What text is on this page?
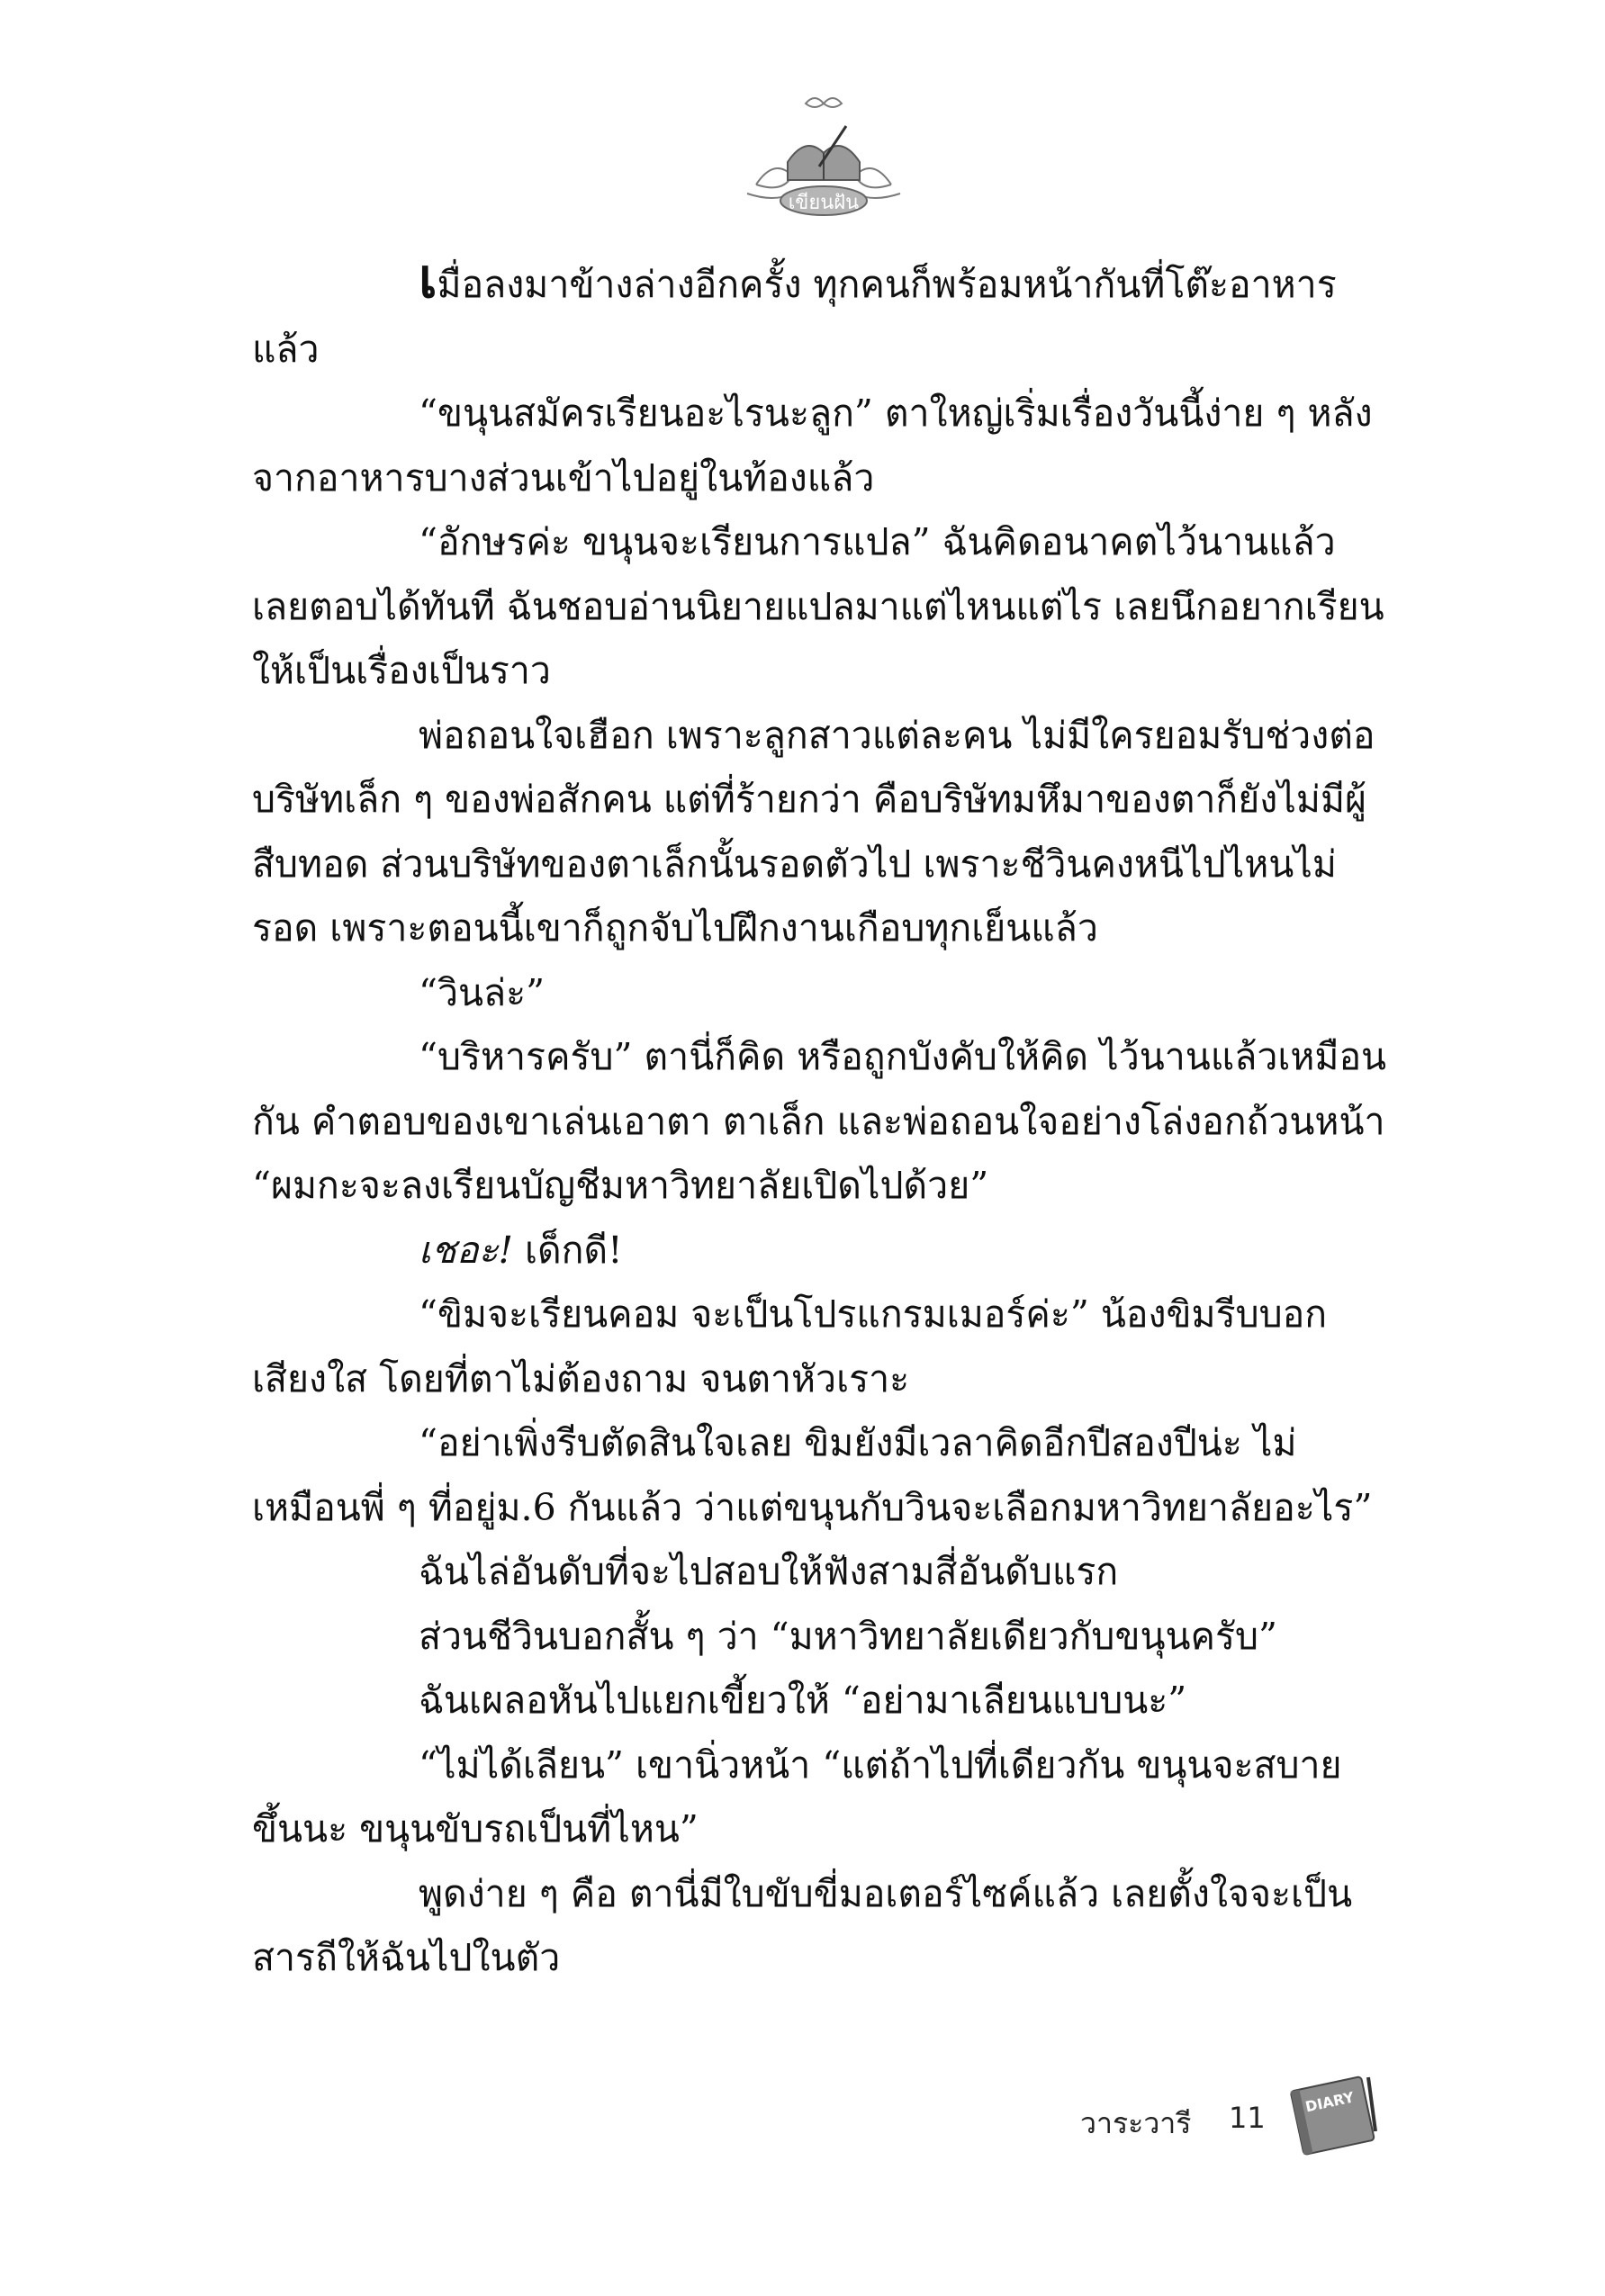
เขียนฝัน

เมื่อลงมาข้างล่างอีกครั้ง ทุกคนก็พร้อมหน้ากันที่โต๊ะอาหารแล้ว

“ขนุนสมัครเรียนอะไรนะลูก” ตาใหญ่เริ่มเรื่องวันนี้ง่าย ๆ หลังจากอาหารบางส่วนเข้าไปอยู่ในท้องแล้ว

“อักษรค่ะ ขนุนจะเรียนการแปล” ฉันคิดอนาคตไว้นานแล้ว เลยตอบได้ทันที ฉันชอบอ่านนิยายแปลมาแต่ไหนแต่ไร เลยนึกอยากเรียนให้เป็นเรื่องเป็นราว

พ่อถอนใจเฮือก เพราะลูกสาวแต่ละคน ไม่มีใครยอมรับช่วงต่อบริษัทเล็ก ๆ ของพ่อสักคน แต่ที่ร้ายกว่า คือบริษัทมหึมาของตาก็ยังไม่มีผู้สืบทอด ส่วนบริษัทของตาเล็กนั้นรอดตัวไป เพราะชีวินคงหนีไปไหนไม่รอด เพราะตอนนี้เขาก็ถูกจับไปฝึกงานเกือบทุกเย็นแล้ว

“วินล่ะ”

“บริหารครับ” ตานี่ก็คิด หรือถูกบังคับให้คิด ไว้นานแล้วเหมือนกัน คำตอบของเขาเล่นเอาตา ตาเล็ก และพ่อถอนใจอย่างโล่งอกถ้วนหน้า “ผมกะจะลงเรียนบัญชีมหาวิทยาลัยเปิดไปด้วย”

เชอะ! เด็กดี!

“ขิมจะเรียนคอม จะเป็นโปรแกรมเมอร์ค่ะ” น้องขิมรีบบอกเสียงใส โดยที่ตาไม่ต้องถาม จนตาหัวเราะ

“อย่าเพิ่งรีบตัดสินใจเลย ขิมยังมีเวลาคิดอีกปีสองปีน่ะ ไม่เหมือนพี่ ๆ ที่อยู่ม.6 กันแล้ว ว่าแต่ขนุนกับวินจะเลือกมหาวิทยาลัยอะไร”

ฉันไล่อันดับที่จะไปสอบให้ฟังสามสี่อันดับแรก

ส่วนชีวินบอกสั้น ๆ ว่า “มหาวิทยาลัยเดียวกับขนุนครับ”

ฉันเผลอหันไปแยกเขี้ยวให้ “อย่ามาเลียนแบบนะ”

“ไม่ได้เลียน” เขานิ่วหน้า “แต่ถ้าไปที่เดียวกัน ขนุนจะสบายขึ้นนะ ขนุนขับรถเป็นที่ไหน”

พูดง่าย ๆ คือ ตานี่มีใบขับขี่มอเตอร์ไซค์แล้ว เลยตั้งใจจะเป็นสารถีให้ฉันไปในตัว

วาระวารี 11	DIARY
